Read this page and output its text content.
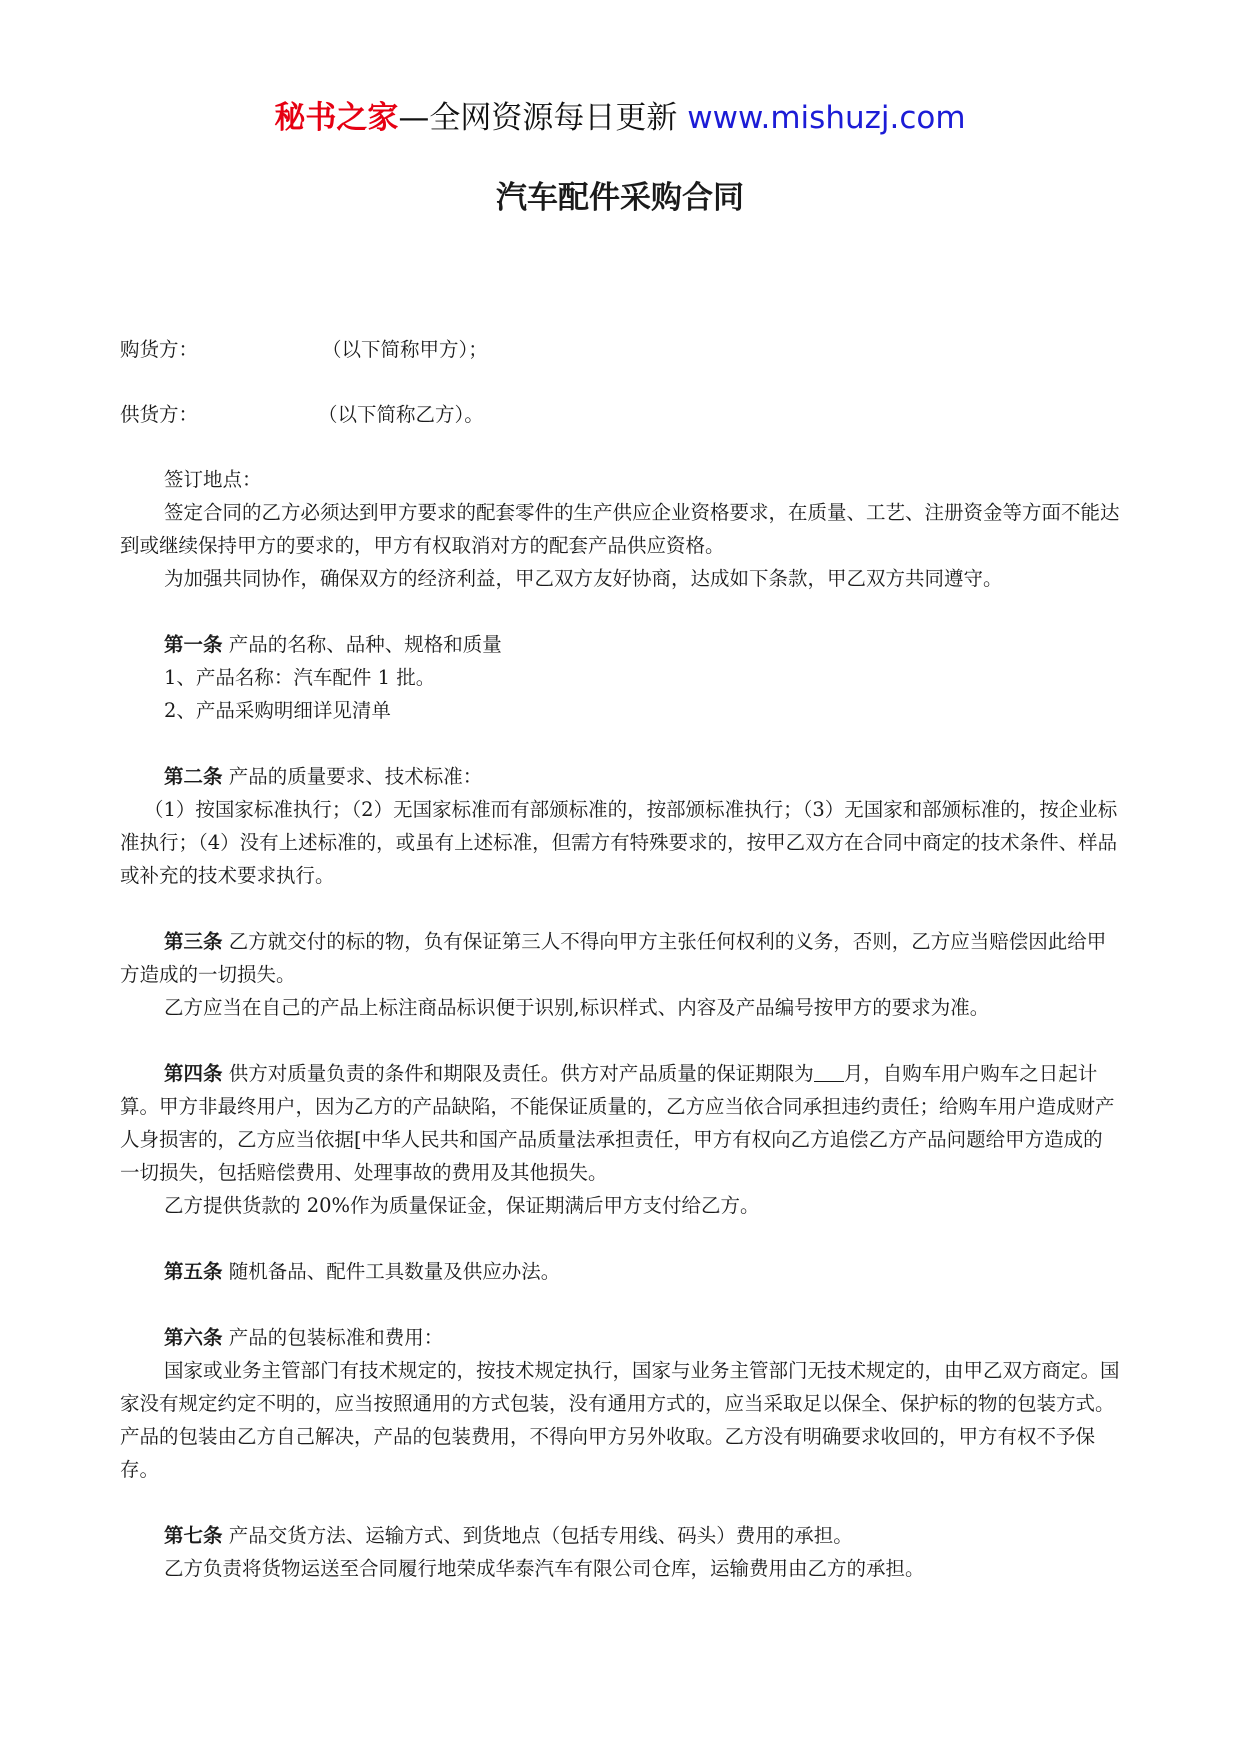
秘书之家—全网资源每日更新 www.mishuzj.com
汽车配件采购合同

购货方：	（以下简称甲方）；

供货方：	（以下简称乙方）。

签订地点：

签定合同的乙方必须达到甲方要求的配套零件的生产供应企业资格要求，在质量、工艺、注册资金等方面不能达到或继续保持甲方的要求的，甲方有权取消对方的配套产品供应资格。

为加强共同协作，确保双方的经济利益，甲乙双方友好协商，达成如下条款，甲乙双方共同遵守。

第一条 产品的名称、品种、规格和质量

1、产品名称：汽车配件 1 批。

2、产品采购明细详见清单

第二条 产品的质量要求、技术标准：

（1）按国家标准执行；（2）无国家标准而有部颁标准的，按部颁标准执行；（3）无国家和部颁标准的，按企业标准执行；（4）没有上述标准的，或虽有上述标准，但需方有特殊要求的，按甲乙双方在合同中商定的技术条件、样品或补充的技术要求执行。

第三条 乙方就交付的标的物，负有保证第三人不得向甲方主张任何权利的义务，否则，乙方应当赔偿因此给甲方造成的一切损失。

乙方应当在自己的产品上标注商品标识便于识别,标识样式、内容及产品编号按甲方的要求为准。

第四条 供方对质量负责的条件和期限及责任。供方对产品质量的保证期限为 月，自购车用户购车之日起计算。甲方非最终用户，因为乙方的产品缺陷，不能保证质量的，乙方应当依合同承担违约责任；给购车用户造成财产人身损害的，乙方应当依据[中华人民共和国产品质量法承担责任，甲方有权向乙方追偿乙方产品问题给甲方造成的一切损失，包括赔偿费用、处理事故的费用及其他损失。

乙方提供货款的 20%作为质量保证金，保证期满后甲方支付给乙方。

第五条 随机备品、配件工具数量及供应办法。

第六条 产品的包装标准和费用：

国家或业务主管部门有技术规定的，按技术规定执行，国家与业务主管部门无技术规定的，由甲乙双方商定。国家没有规定约定不明的，应当按照通用的方式包装，没有通用方式的，应当采取足以保全、保护标的物的包装方式。产品的包装由乙方自己解决，产品的包装费用，不得向甲方另外收取。乙方没有明确要求收回的，甲方有权不予保存。

第七条 产品交货方法、运输方式、到货地点（包括专用线、码头）费用的承担。

乙方负责将货物运送至合同履行地荣成华泰汽车有限公司仓库，运输费用由乙方的承担。
